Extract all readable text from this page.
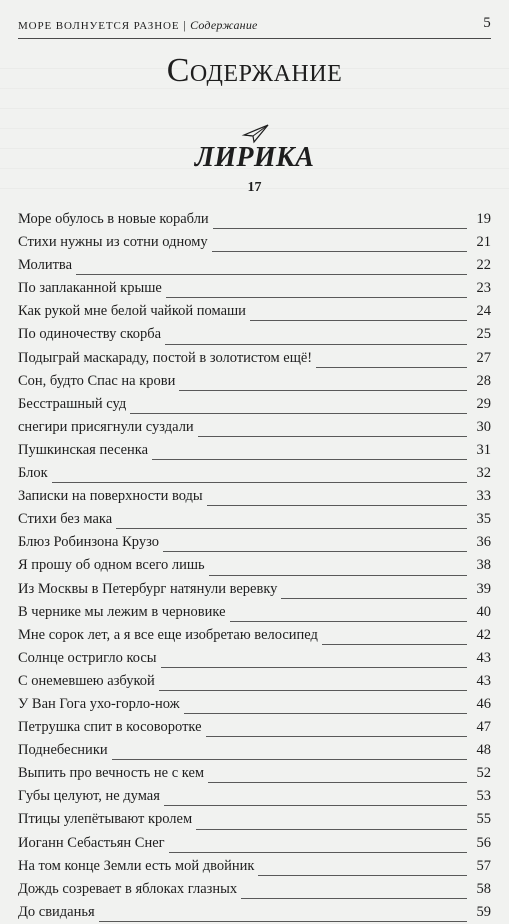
МОРЕ ВОЛНУЕТСЯ РАЗНОЕ | Содержание	5
Содержание
ЛИРИКА
17
Море обулось в новые корабли	19
Стихи нужны из сотни одному	21
Молитва	22
По заплаканной крыше	23
Как рукой мне белой чайкой помаши	24
По одиночеству скорба	25
Подыграй маскараду, постой в золотистом ещё!	27
Сон, будто Спас на крови	28
Бесстрашный суд	29
снегири присягнули суздали	30
Пушкинская песенка	31
Блок	32
Записки на поверхности воды	33
Стихи без мака	35
Блюз Робинзона Крузо	36
Я прошу об одном всего лишь	38
Из Москвы в Петербург натянули веревку	39
В чернике мы лежим в черновике	40
Мне сорок лет, а я все еще изобретаю велосипед	42
Солнце остригло косы	43
С онемевшею азбукой	43
У Ван Гога ухо-горло-нож	46
Петрушка спит в косоворотке	47
Поднебесники	48
Выпить про вечность не с кем	52
Губы целуют, не думая	53
Птицы улепётывают кролем	55
Иоганн Себастьян Снег	56
На том конце Земли есть мой двойник	57
Дождь созревает в яблоках глазных	58
До свиданья	59
